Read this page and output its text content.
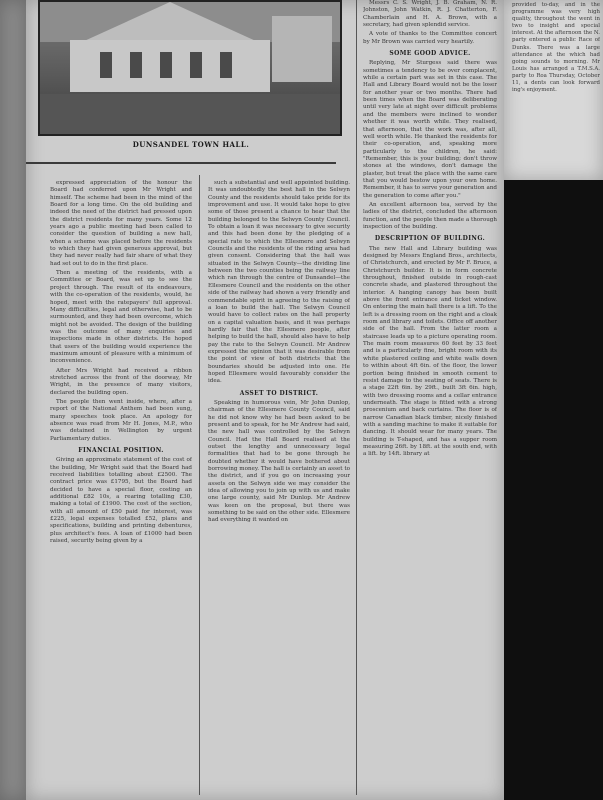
DUNSANDEL TOWN HALL.

expressed appreciation of the honour the Board had conferred upon Mr Wright and himself. The scheme had been in the mind of the Board for a long time. On the old building and indeed the need of the district had pressed upon the district residents for many years. Some 12 years ago a public meeting had been called to consider the question of building a new hall, when a scheme was placed before the residents to which they had given generous approval, but they had never really had fair share of what they had set out to do in the first place.

Then a meeting of the residents, with a Committee or Board, was set up to see the project through. The result of its endeavours, with the co-operation of the residents, would, he hoped, meet with the ratepayers' full approval. Many difficulties, legal and otherwise, had to be surmounted, and they had been overcome, which might not be avoided. The design of the building was the outcome of many enquiries and inspections made in other districts. He hoped that users of the building would experience the maximum amount of pleasure with a minimum of inconvenience.

After Mrs Wright had received a ribbon stretched across the front of the doorway, Mr Wright, in the presence of many visitors, declared the building open.

The people then went inside, where, after a report of the National Anthem had been sung, many speeches took place. An apology for absence was read from Mr H. Jones, M.P., who was detained in Wellington by urgent Parliamentary duties.

FINANCIAL POSITION.

Giving an approximate statement of the cost of the building, Mr Wright said that the Board had received liabilities totalling about £2500. The contract price was £1795, but the Board had decided to have a special floor, costing an additional £82 10s, a rearing totalling £30, making a total of £1900. The cost of the section, with all amount of £50 paid for interest, was £225, legal expenses totalled £52, plans and specifications, building and printing debentures, plus architect's fees. A loan of £1000 had been raised, security being given by a

such a substantial and well appointed building. It was undoubtedly the best hall in the Selwyn County and the residents should take pride for its improvement and use. It would take hope to give some of those present a chance to hear that the building belonged to the Selwyn County Council. To obtain a loan it was necessary to give security and this had been done by the pledging of a special rate to which the Ellesmere and Selwyn Councils and the residents of the riding area had given consent. Considering that the hall was situated in the Selwyn County—the dividing line between the two counties being the railway line which ran through the centre of Dunsandel—the Ellesmere Council and the residents on the other side of the railway had shown a very friendly and commendable spirit in agreeing to the raising of a loan to build the hall. The Selwyn Council would have to collect rates on the hall property on a capital valuation basis, and it was perhaps hardly fair that the Ellesmere people, after helping to build the hall, should also have to help pay the rate to the Selwyn Council. Mr Andrew expressed the opinion that it was desirable from the point of view of both districts that the boundaries should be adjusted into one. He hoped Ellesmere would favourably consider the idea.

ASSET TO DISTRICT.

Speaking in humorous vein, Mr John Dunlop, chairman of the Ellesmere County Council, said he did not know why he had been asked to be present and to speak, for he Mr Andrew had said, the new hall was controlled by the Selwyn Council. Had the Hall Board realised at the outset the lengthy and unnecessary legal formalities that had to be gone through he doubted whether it would have bothered about borrowing money. The hall is certainly an asset to the district, and if you go on increasing your assets on the Selwyn side we may consider the idea of allowing you to join up with us and make one large county, said Mr Dunlop. Mr Andrew was keen on the proposal, but there was something to be said on the other side. Ellesmere had everything it wanted on

Messrs C. S. Wright, J. B. Graham, N. R. Johnston, John Watkin, R. J. Chatterton, F. Chamberlain and H. A. Brown, with a secretary, had given splendid service.

A vote of thanks to the Committee concert by Mr Brown was carried very heartily.

SOME GOOD ADVICE.

Replying, Mr Sturgess said there was sometimes a tendency to be over complacent, while a certain part was set in this case. The Hall and Library Board would not be the loser for another year or two months. There had been times when the Board was deliberating until very late at night over difficult problems and the members were inclined to wonder whether it was worth while. They realised, that afternoon, that the work was, after all, well worth while. He thanked the residents for their co-operation, and, speaking more particularly to the children, he said: "Remember, this is your building; don't throw stones at the windows, don't damage the plaster, but treat the place with the same care that you would bestow upon your own home. Remember, it has to serve your generation and the generation to come after you."

An excellent afternoon tea, served by the ladies of the district, concluded the afternoon function, and the people then made a thorough inspection of the building.

DESCRIPTION OF BUILDING.

The new Hall and Library building was designed by Messrs England Bros., architects, of Christchurch, and erected by Mr F. Bruce, a Christchurch builder. It is in form concrete throughout, finished outside in rough-cast concrete shade, and plastered throughout the interior. A hanging canopy has been built above the front entrance and ticket window. On entering the main hall there is a lift. To the left is a dressing room on the right and a cloak room and library and toilets. Office off another side of the hall. From the latter room a staircase leads up to a picture operating room. The main room measures 60 feet by 33 feet and is a particularly fine, bright room with its white plastered ceiling and white walls down to within about 4ft 6in. of the floor, the lower portion being finished in smooth cement to resist damage to the seating of seats. There is a stage 22ft 6in. by 29ft., built 3ft 6in. high, with two dressing rooms and a cellar entrance underneath. The stage is fitted with a strong proscenium and back curtains. The floor is of narrow Canadian black timber, nicely finished with a sanding machine to make it suitable for dancing. It should wear for many years. The building is T-shaped, and has a supper room measuring 26ft. by 18ft. at the south end, with a lift. by 14ft. library at

provided to-day, and in the programme was very high quality, throughout the went in two to insight and special interest. At the afternoon the N. party entered a public Race of Dunks. There was a large attendance at the which had going sounds to morning. Mr Louis has arranged a T.M.S.A. party to Roa Thursday, October 11, a dents can look forward ing's enjoyment.
